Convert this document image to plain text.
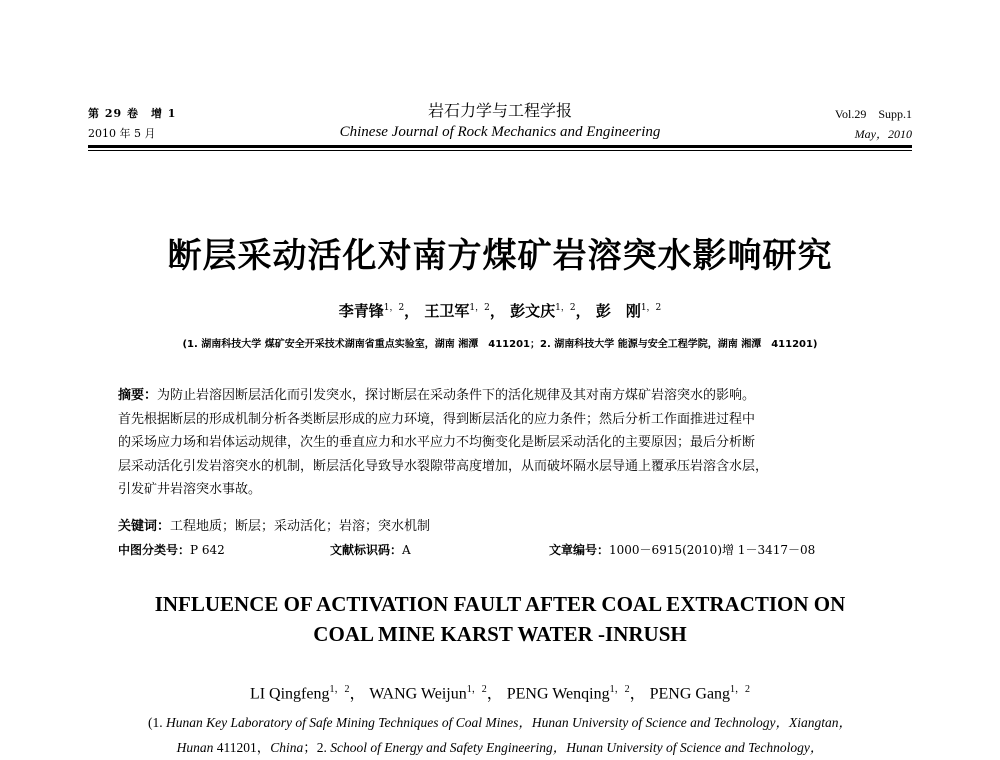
第 29 卷　增 1
2010 年 5 月
岩石力学与工程学报
Chinese Journal of Rock Mechanics and Engineering
Vol.29　Supp.1
May，2010
断层采动活化对南方煤矿岩溶突水影响研究
李青锋$^{1,2}$， 王卫军$^{1,2}$， 彭文庆$^{1,2}$， 彭　刚$^{1,2}$
(1. 湖南科技大学 煤矿安全开采技术湖南省重点实验室，湖南 湘潭　411201；2. 湖南科技大学 能源与安全工程学院，湖南 湘潭　411201)
摘要：为防止岩溶因断层活化而引发突水，探讨断层在采动条件下的活化规律及其对南方煤矿岩溶突水的影响。
首先根据断层的形成机制分析各类断层形成的应力环境，得到断层活化的应力条件；然后分析工作面推进过程中
的采场应力场和岩体运动规律，次生的垂直应力和水平应力不均衡变化是断层采动活化的主要原因；最后分析断
层采动活化引发岩溶突水的机制，断层活化导致导水裂隙带高度增加，从而破坏隔水层导通上覆承压岩溶含水层，
引发矿井岩溶突水事故。
关键词：工程地质；断层；采动活化；岩溶；突水机制
中图分类号：P 642	文献标识码：A	文章编号：1000－6915(2010)增 1－3417－08
INFLUENCE OF ACTIVATION FAULT AFTER COAL EXTRACTION ON
COAL MINE KARST WATER -INRUSH
LI Qingfeng$^{1,2}$， WANG Weijun$^{1,2}$， PENG Wenqing$^{1,2}$， PENG Gang$^{1,2}$
(1. Hunan Key Laboratory of Safe Mining Techniques of Coal Mines，Hunan University of Science and Technology，Xiangtan，
Hunan 411201，China；2. School of Energy and Safety Engineering，Hunan University of Science and Technology，
